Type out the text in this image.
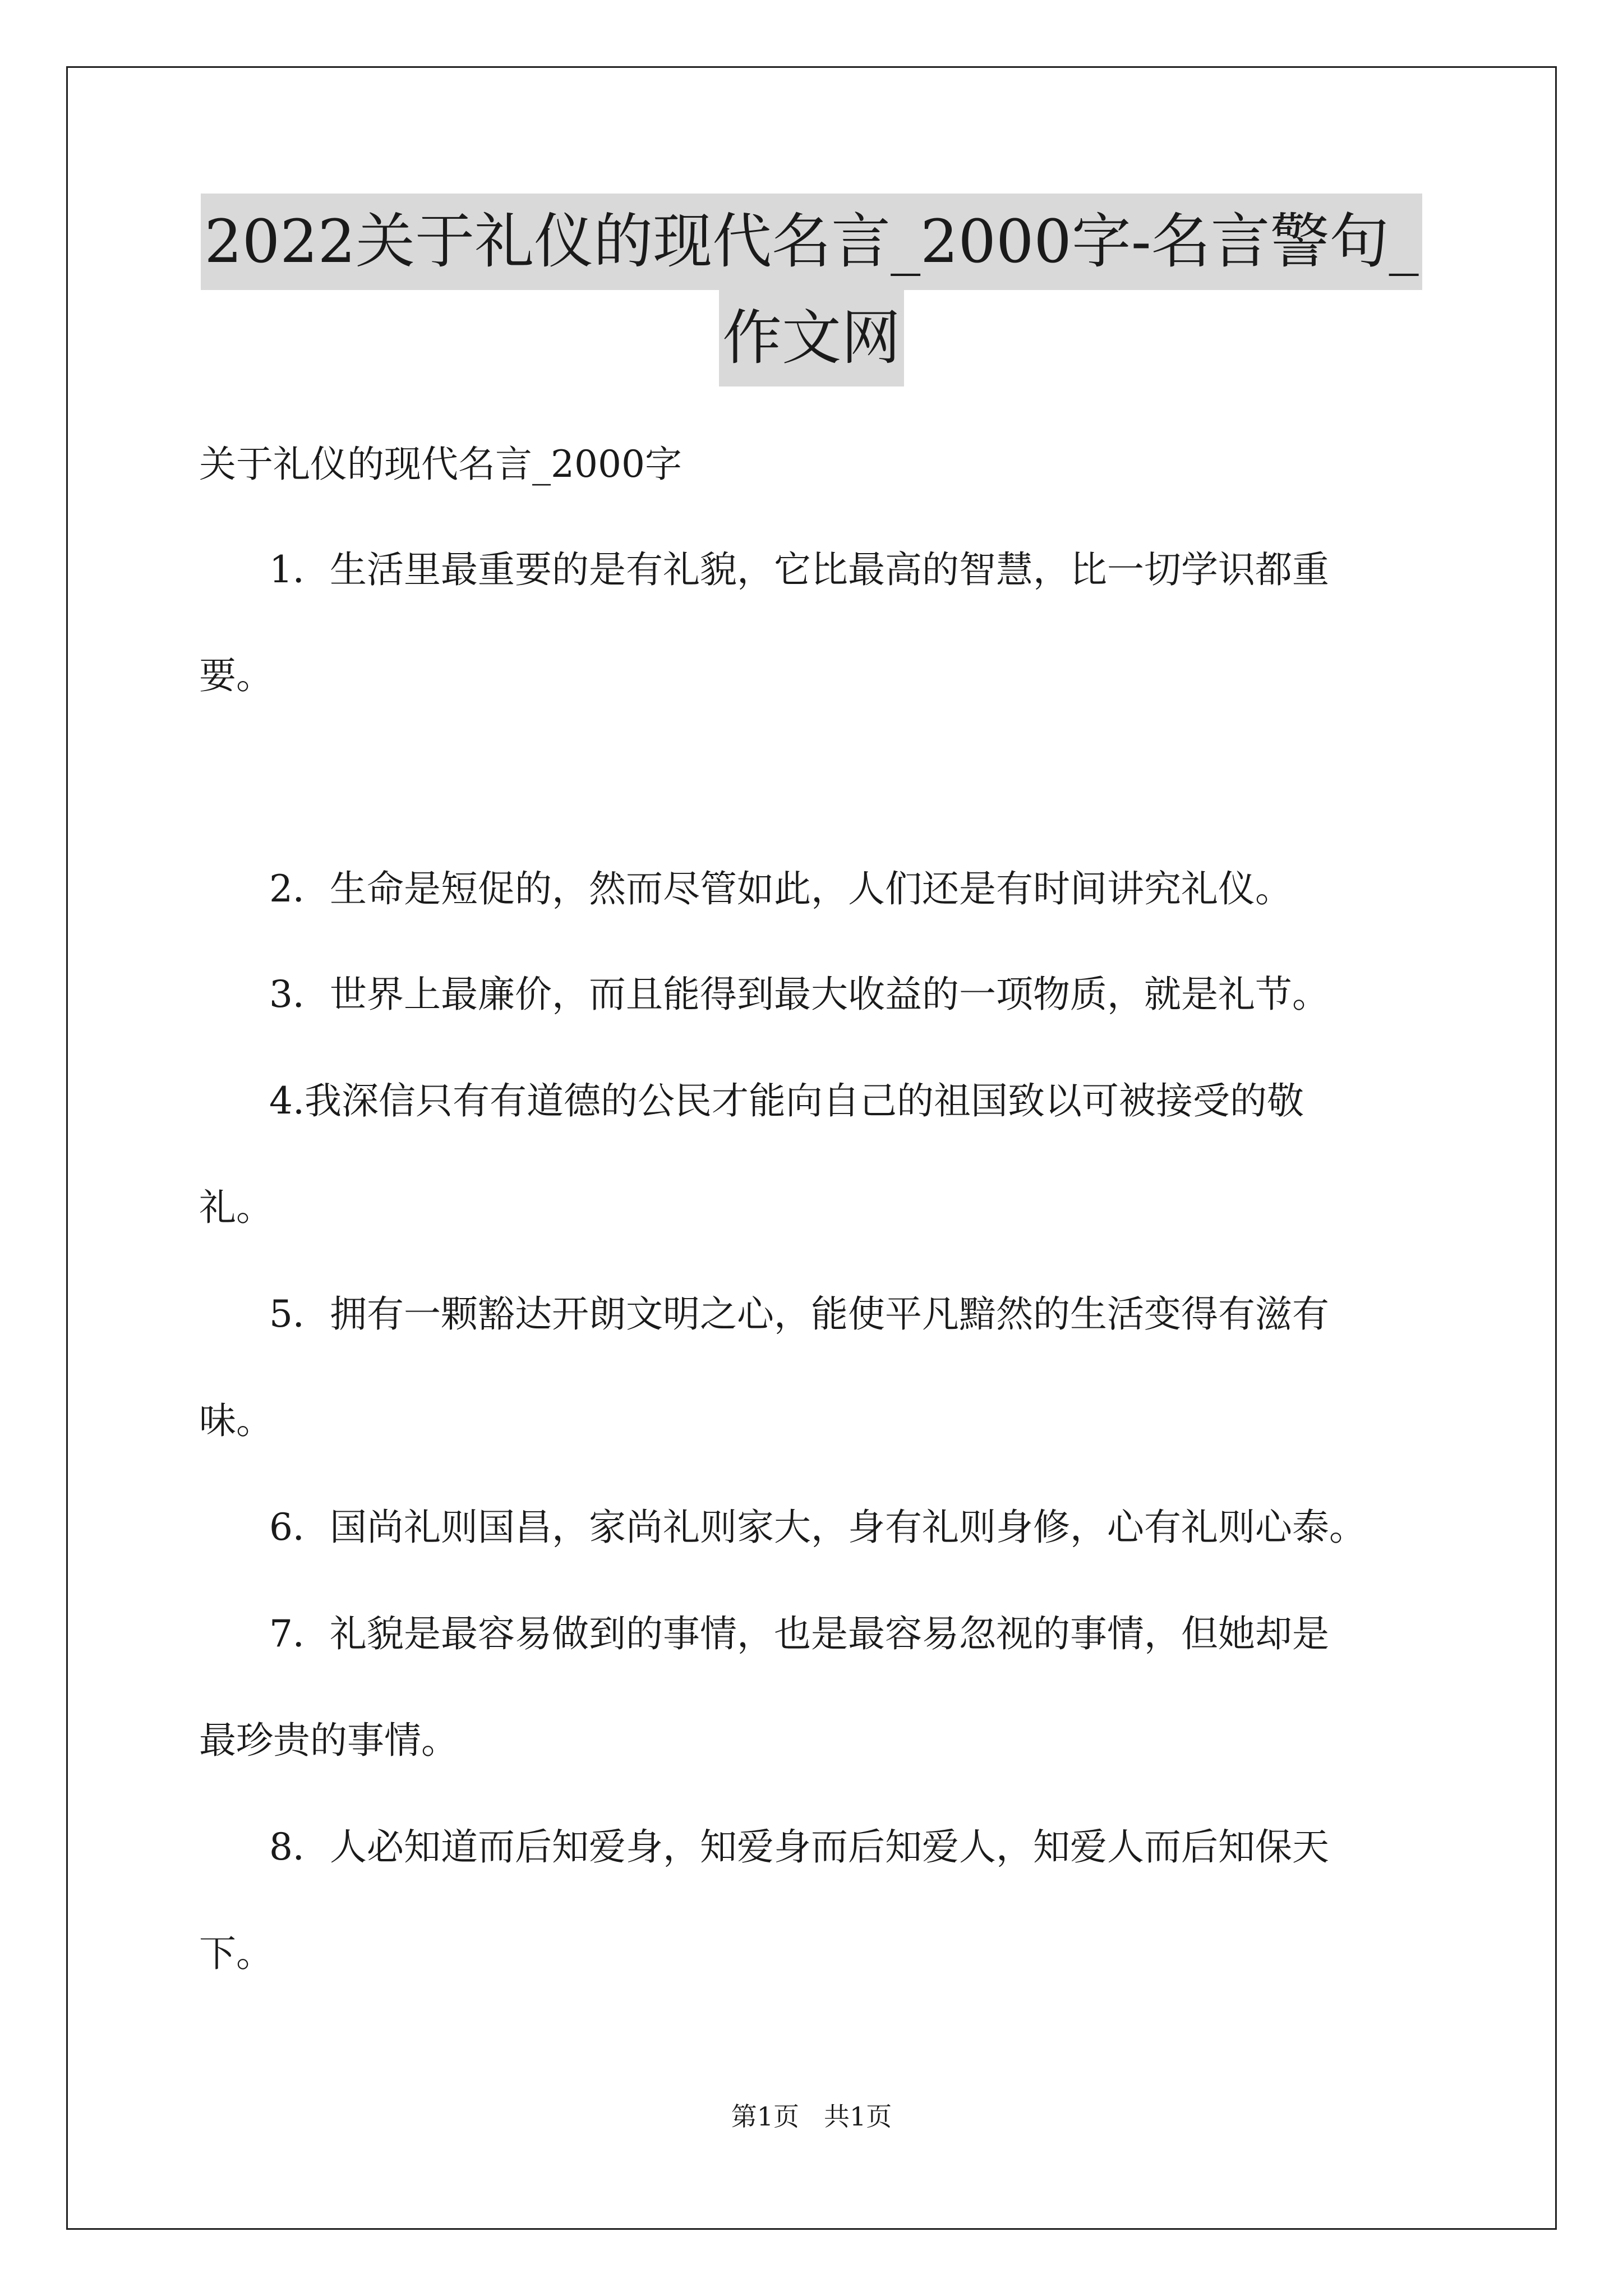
2022关于礼仪的现代名言_2000字-名言警句_
作文网
关于礼仪的现代名言_2000字
1．生活里最重要的是有礼貌，它比最高的智慧，比一切学识都重
要。
2．生命是短促的，然而尽管如此，人们还是有时间讲究礼仪。
3．世界上最廉价，而且能得到最大收益的一项物质，就是礼节。
4.我深信只有有道德的公民才能向自己的祖国致以可被接受的敬
礼。
5．拥有一颗豁达开朗文明之心，能使平凡黯然的生活变得有滋有
味。
6．国尚礼则国昌，家尚礼则家大，身有礼则身修，心有礼则心泰。
7．礼貌是最容易做到的事情，也是最容易忽视的事情，但她却是
最珍贵的事情。
8．人必知道而后知爱身，知爱身而后知爱人，知爱人而后知保天
下。
第1页 共1页
